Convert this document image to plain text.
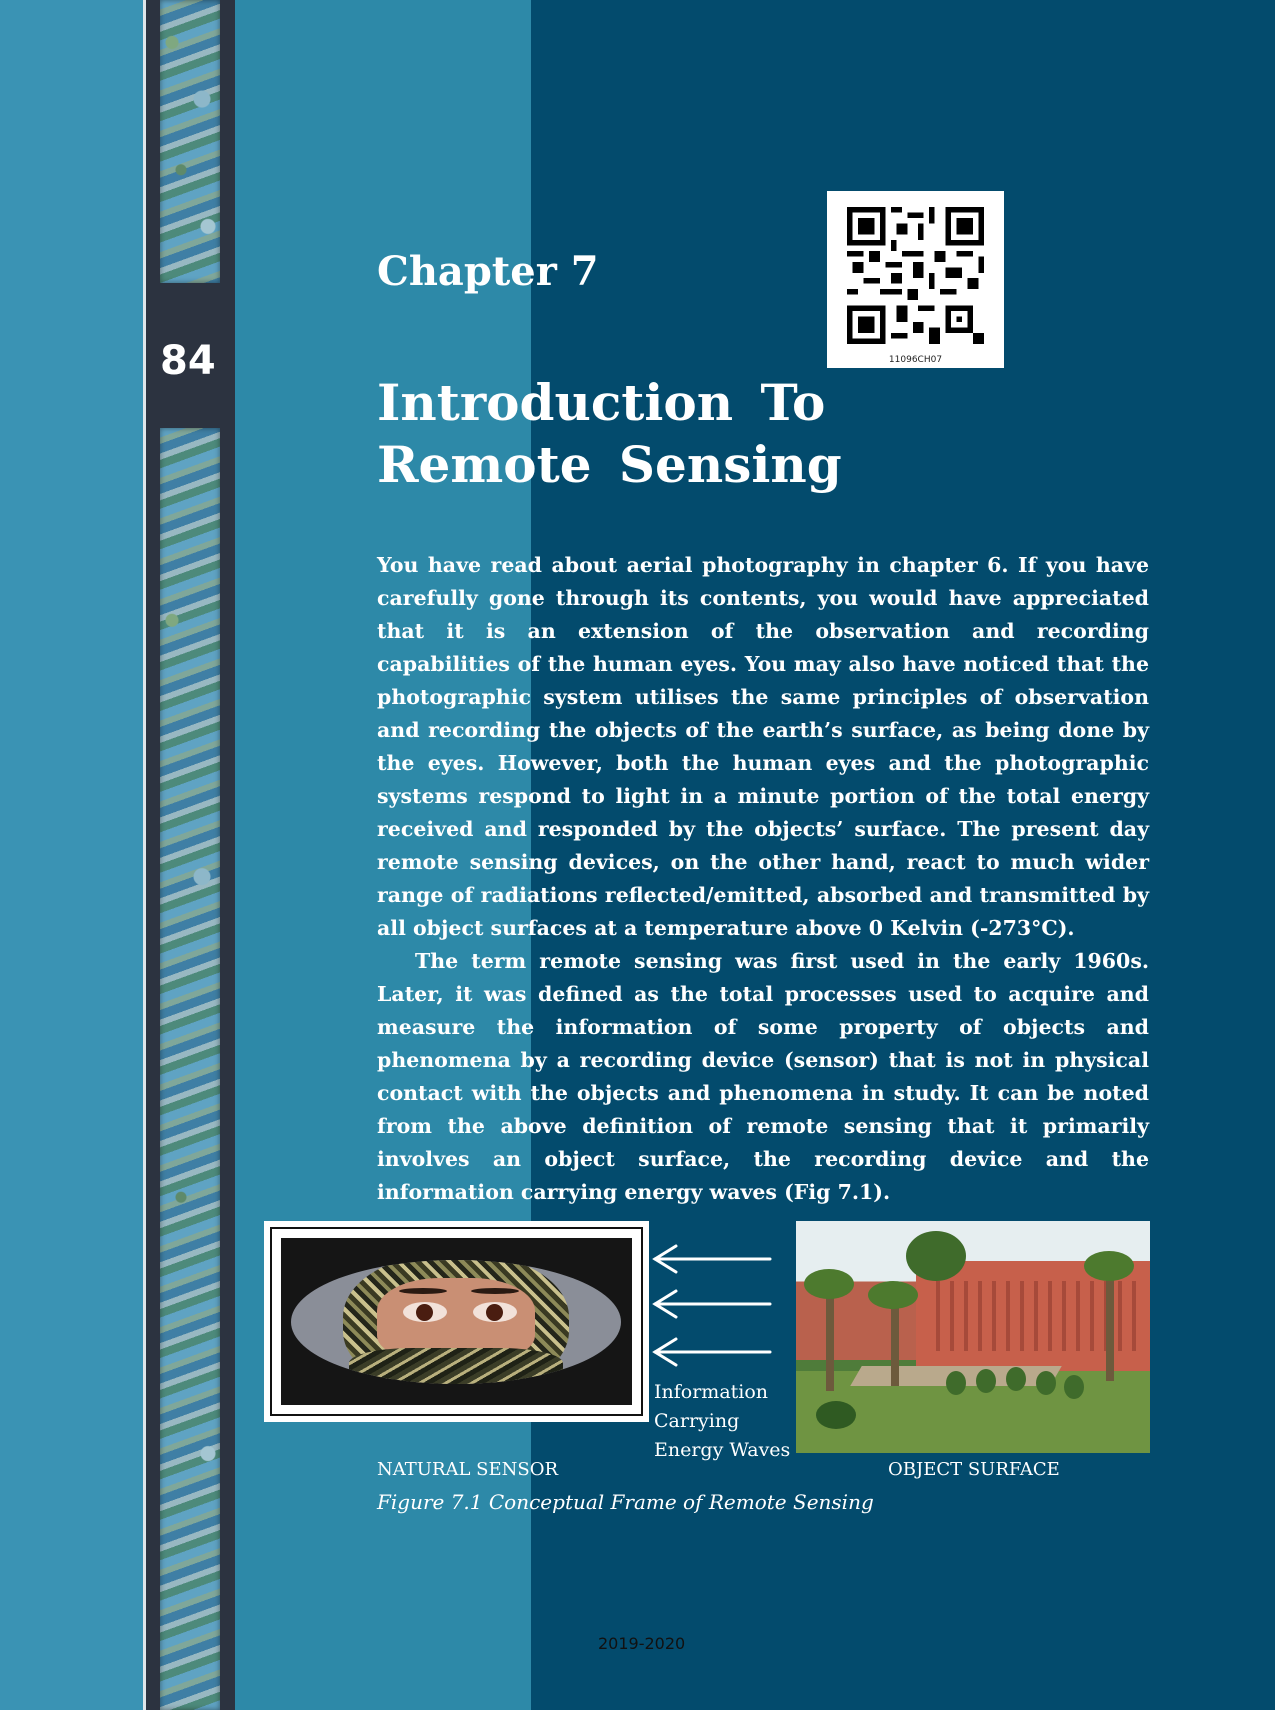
84
Chapter 7
Introduction To Remote Sensing
11096CH07

You have read about aerial photography in chapter 6. If you have carefully gone through its contents, you would have appreciated that it is an extension of the observation and recording capabilities of the human eyes. You may also have noticed that the photographic system utilises the same principles of observation and recording the objects of the earth’s surface, as being done by the eyes. However, both the human eyes and the photographic systems respond to light in a minute portion of the total energy received and responded by the objects’ surface. The present day remote sensing devices, on the other hand, react to much wider range of radiations reflected/emitted, absorbed and transmitted by all object surfaces at a temperature above 0 Kelvin (-273°C).

The term remote sensing was first used in the early 1960s. Later, it was defined as the total processes used to acquire and measure the information of some property of objects and phenomena by a recording device (sensor) that is not in physical contact with the objects and phenomena in study. It can be noted from the above definition of remote sensing that it primarily involves an object surface, the recording device and the information carrying energy waves (Fig 7.1).

Information
Carrying
Energy Waves
NATURAL SENSOR	OBJECT SURFACE
Figure 7.1 Conceptual Frame of Remote Sensing
2019-2020
